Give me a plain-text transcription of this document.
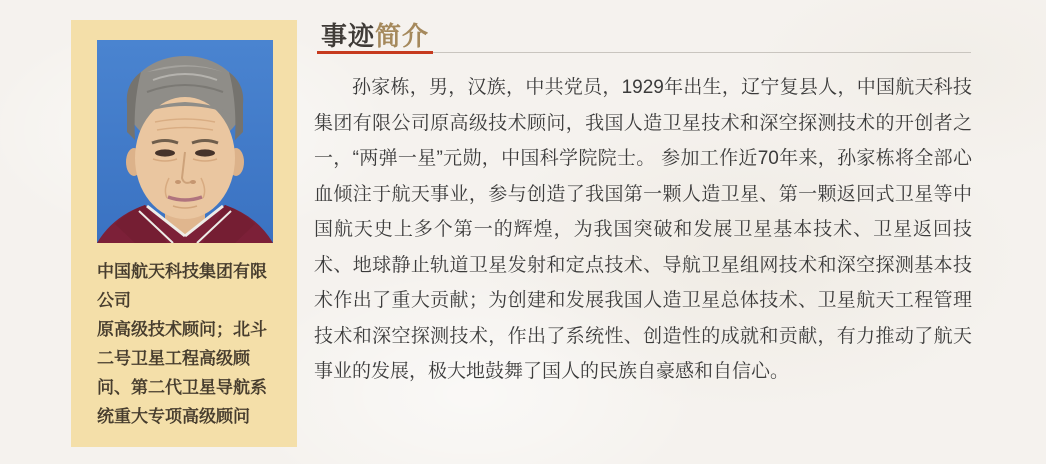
中国航天科技集团有限公司

原高级技术顾问；北斗二号卫星工程高级顾问、第二代卫星导航系统重大专项高级顾问

事迹简介

孙家栋，男，汉族，中共党员，1929年出生，辽宁复县人，中国航天科技集团有限公司原高级技术顾问，我国人造卫星技术和深空探测技术的开创者之一，“两弹一星”元勋，中国科学院院士。 参加工作近70年来，孙家栋将全部心血倾注于航天事业，参与创造了我国第一颗人造卫星、第一颗返回式卫星等中国航天史上多个第一的辉煌，为我国突破和发展卫星基本技术、卫星返回技术、地球静止轨道卫星发射和定点技术、导航卫星组网技术和深空探测基本技术作出了重大贡献；为创建和发展我国人造卫星总体技术、卫星航天工程管理技术和深空探测技术，作出了系统性、创造性的成就和贡献，有力推动了航天事业的发展，极大地鼓舞了国人的民族自豪感和自信心。
